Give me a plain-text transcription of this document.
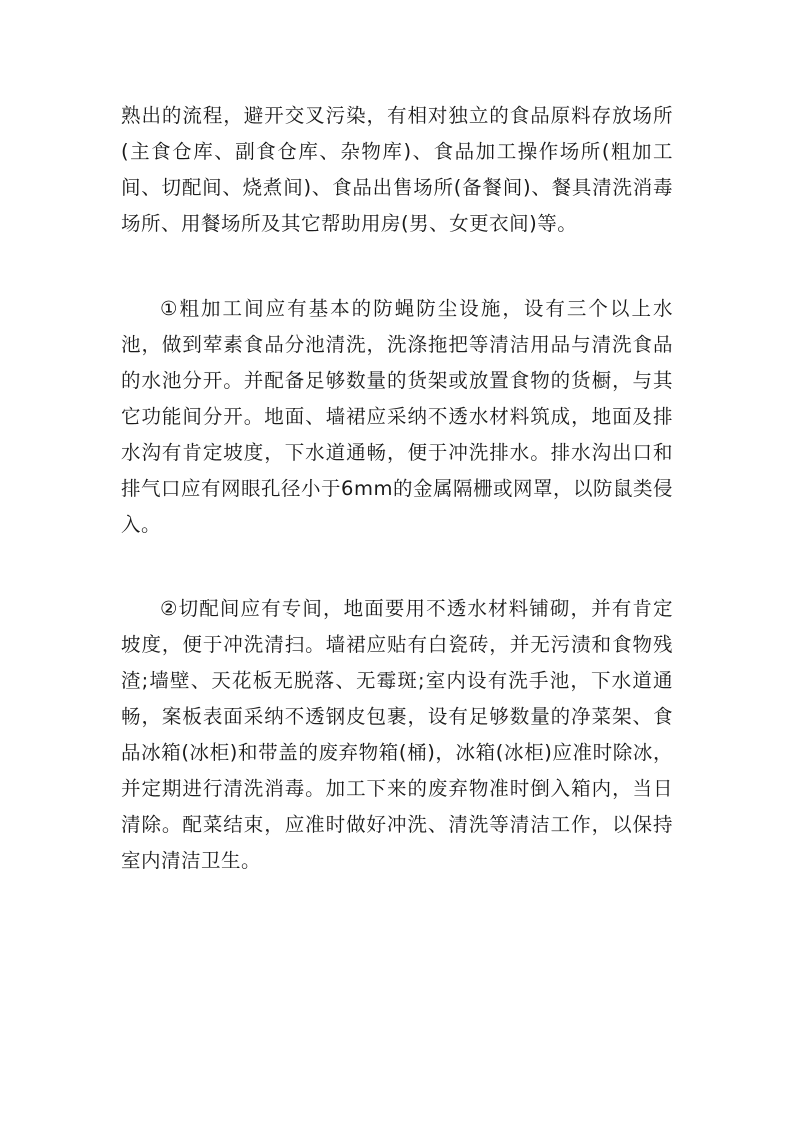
熟出的流程，避开交叉污染，有相对独立的食品原料存放场所(主食仓库、副食仓库、杂物库)、食品加工操作场所(粗加工间、切配间、烧煮间)、食品出售场所(备餐间)、餐具清洗消毒场所、用餐场所及其它帮助用房(男、女更衣间)等。

①粗加工间应有基本的防蝇防尘设施，设有三个以上水池，做到荤素食品分池清洗，洗涤拖把等清洁用品与清洗食品的水池分开。并配备足够数量的货架或放置食物的货橱，与其它功能间分开。地面、墙裙应采纳不透水材料筑成，地面及排水沟有肯定坡度，下水道通畅，便于冲洗排水。排水沟出口和排气口应有网眼孔径小于6mm的金属隔栅或网罩，以防鼠类侵入。

②切配间应有专间，地面要用不透水材料铺砌，并有肯定坡度，便于冲洗清扫。墙裙应贴有白瓷砖，并无污渍和食物残渣;墙壁、天花板无脱落、无霉斑;室内设有洗手池，下水道通畅，案板表面采纳不透钢皮包裹，设有足够数量的净菜架、食品冰箱(冰柜)和带盖的废弃物箱(桶)，冰箱(冰柜)应准时除冰，并定期进行清洗消毒。加工下来的废弃物准时倒入箱内，当日清除。配菜结束，应准时做好冲洗、清洗等清洁工作，以保持室内清洁卫生。
